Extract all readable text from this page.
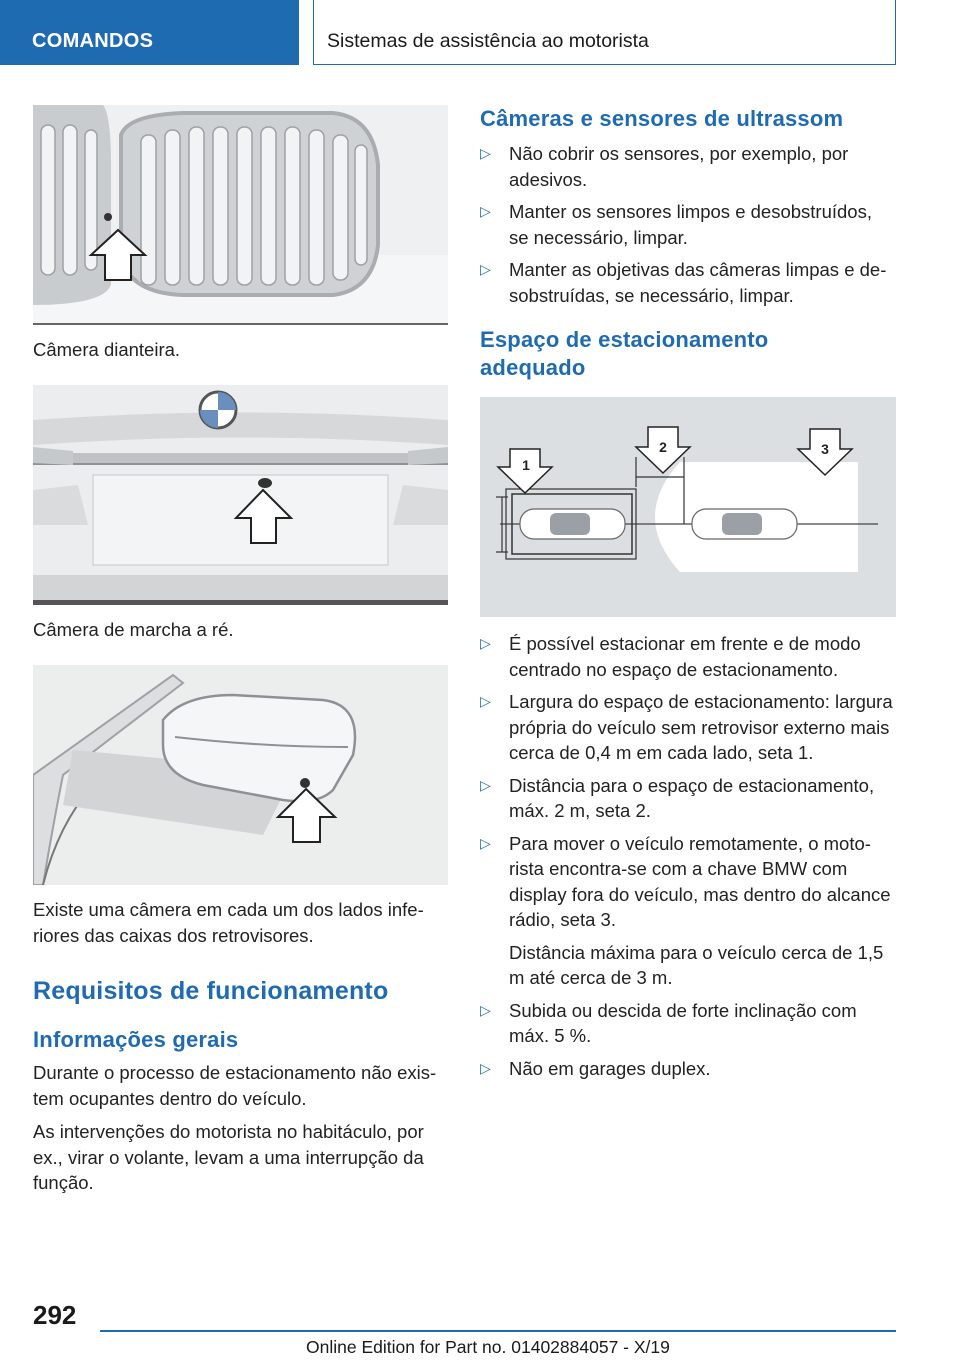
COMANDOS	Sistemas de assistência ao motorista
Câmera dianteira.
Câmera de marcha a ré.
Existe uma câmera em cada um dos lados inferiores das caixas dos retrovisores.
Requisitos de funcionamento
Informações gerais
Durante o processo de estacionamento não existem ocupantes dentro do veículo.
As intervenções do motorista no habitáculo, por ex., virar o volante, levam a uma interrupção da função.
Câmeras e sensores de ultrassom
▷ Não cobrir os sensores, por exemplo, por adesivos.
▷ Manter os sensores limpos e desobstruídos, se necessário, limpar.
▷ Manter as objetivas das câmeras limpas e desobstruídas, se necessário, limpar.
Espaço de estacionamento adequado
1
2	3
▷ É possível estacionar em frente e de modo centrado no espaço de estacionamento.
▷ Largura do espaço de estacionamento: largura própria do veículo sem retrovisor externo mais cerca de 0,4 m em cada lado, seta 1.
▷ Distância para o espaço de estacionamento, máx. 2 m, seta 2.
▷ Para mover o veículo remotamente, o motorista encontra-se com a chave BMW com display fora do veículo, mas dentro do alcance rádio, seta 3.
Distância máxima para o veículo cerca de 1,5 m até cerca de 3 m.
▷ Subida ou descida de forte inclinação com máx. 5 %.
▷ Não em garages duplex.
292
Online Edition for Part no. 01402884057 - X/19
